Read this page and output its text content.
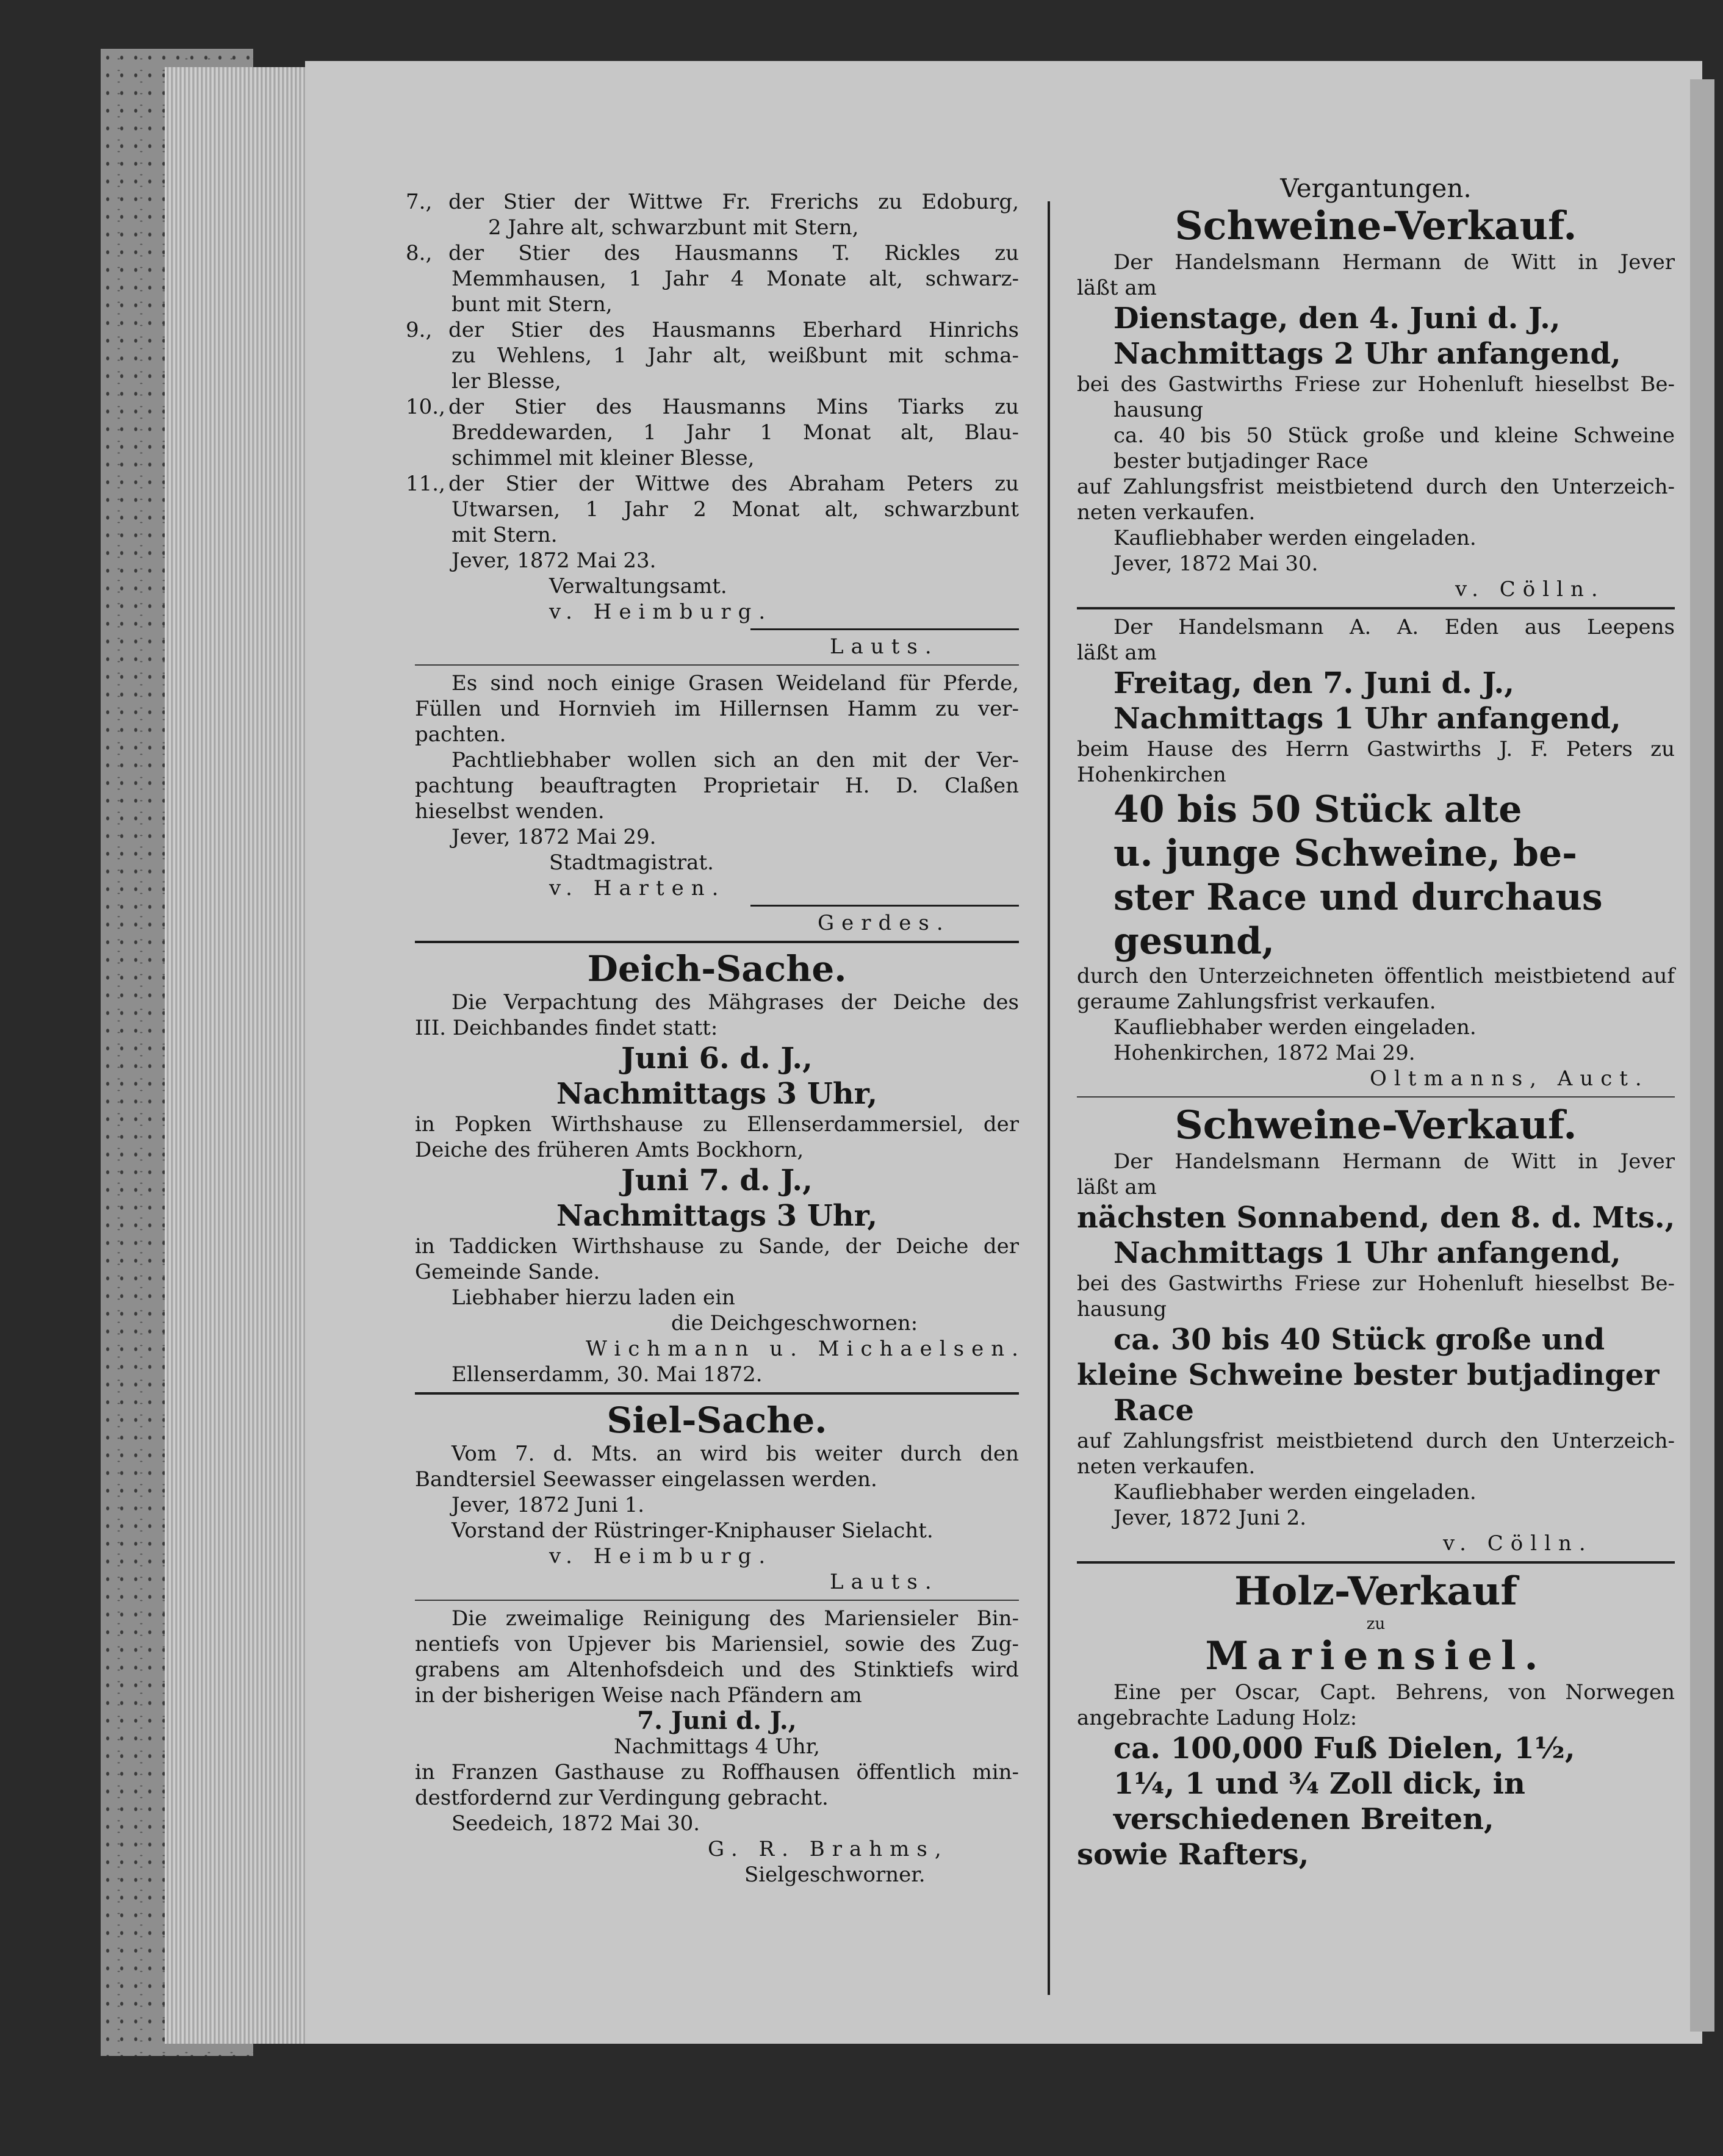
7., der Stier der Wittwe Fr. Frerichs zu Edoburg,
2 Jahre alt, schwarzbunt mit Stern,
8., der Stier des Hausmanns T. Rickles zu
Memmhausen, 1 Jahr 4 Monate alt, schwarz-
bunt mit Stern,
9., der Stier des Hausmanns Eberhard Hinrichs
zu Wehlens, 1 Jahr alt, weißbunt mit schma-
ler Blesse,
10., der Stier des Hausmanns Mins Tiarks zu
Breddewarden, 1 Jahr 1 Monat alt, Blau-
schimmel mit kleiner Blesse,
11., der Stier der Wittwe des Abraham Peters zu
Utwarsen, 1 Jahr 2 Monat alt, schwarzbunt
mit Stern.
Jever, 1872 Mai 23.
Verwaltungsamt.
v. Heimburg.
Lauts.
Es sind noch einige Grasen Weideland für Pferde,
Füllen und Hornvieh im Hillernsen Hamm zu ver-
pachten.
Pachtliebhaber wollen sich an den mit der Ver-
pachtung beauftragten Proprietair H. D. Claßen
hieselbst wenden.
Jever, 1872 Mai 29.
Stadtmagistrat.
v. Harten.
Gerdes.
Deich-Sache.
Die Verpachtung des Mähgrases der Deiche des
III. Deichbandes findet statt:
Juni 6. d. J.,
Nachmittags 3 Uhr,
in Popken Wirthshause zu Ellenserdammersiel, der
Deiche des früheren Amts Bockhorn,
Juni 7. d. J.,
Nachmittags 3 Uhr,
in Taddicken Wirthshause zu Sande, der Deiche der
Gemeinde Sande.
Liebhaber hierzu laden ein
die Deichgeschwornen:
Wichmann u. Michaelsen.
Ellenserdamm, 30. Mai 1872.
Siel-Sache.
Vom 7. d. Mts. an wird bis weiter durch den
Bandtersiel Seewasser eingelassen werden.
Jever, 1872 Juni 1.
Vorstand der Rüstringer-Kniphauser Sielacht.
v. Heimburg.
Lauts.
Die zweimalige Reinigung des Mariensieler Bin-
nentiefs von Upjever bis Mariensiel, sowie des Zug-
grabens am Altenhofsdeich und des Stinktiefs wird
in der bisherigen Weise nach Pfändern am
7. Juni d. J.,
Nachmittags 4 Uhr,
in Franzen Gasthause zu Roffhausen öffentlich min-
destfordernd zur Verdingung gebracht.
Seedeich, 1872 Mai 30.
G. R. Brahms,
Sielgeschworner.
Vergantungen.
Schweine-Verkauf.
Der Handelsmann Hermann de Witt in Jever
läßt am
Dienstage, den 4. Juni d. J.,
Nachmittags 2 Uhr anfangend,
bei des Gastwirths Friese zur Hohenluft hieselbst Be-
hausung
ca. 40 bis 50 Stück große und kleine Schweine
bester butjadinger Race
auf Zahlungsfrist meistbietend durch den Unterzeich-
neten verkaufen.
Kaufliebhaber werden eingeladen.
Jever, 1872 Mai 30.
v. Cölln.
Der Handelsmann A. A. Eden aus Leepens
läßt am
Freitag, den 7. Juni d. J.,
Nachmittags 1 Uhr anfangend,
beim Hause des Herrn Gastwirths J. F. Peters zu
Hohenkirchen
40 bis 50 Stück alte
u. junge Schweine, be-
ster Race und durchaus
gesund,
durch den Unterzeichneten öffentlich meistbietend auf
geraume Zahlungsfrist verkaufen.
Kaufliebhaber werden eingeladen.
Hohenkirchen, 1872 Mai 29.
Oltmanns, Auct.
Schweine-Verkauf.
Der Handelsmann Hermann de Witt in Jever
läßt am
nächsten Sonnabend, den 8. d. Mts.,
Nachmittags 1 Uhr anfangend,
bei des Gastwirths Friese zur Hohenluft hieselbst Be-
hausung
ca. 30 bis 40 Stück große und
kleine Schweine bester butjadinger
Race
auf Zahlungsfrist meistbietend durch den Unterzeich-
neten verkaufen.
Kaufliebhaber werden eingeladen.
Jever, 1872 Juni 2.
v. Cölln.
Holz-Verkauf
zu
Mariensiel.
Eine per Oscar, Capt. Behrens, von Norwegen
angebrachte Ladung Holz:
ca. 100,000 Fuß Dielen, 1½,
1¼, 1 und ¾ Zoll dick, in
verschiedenen Breiten,
sowie Rafters,
